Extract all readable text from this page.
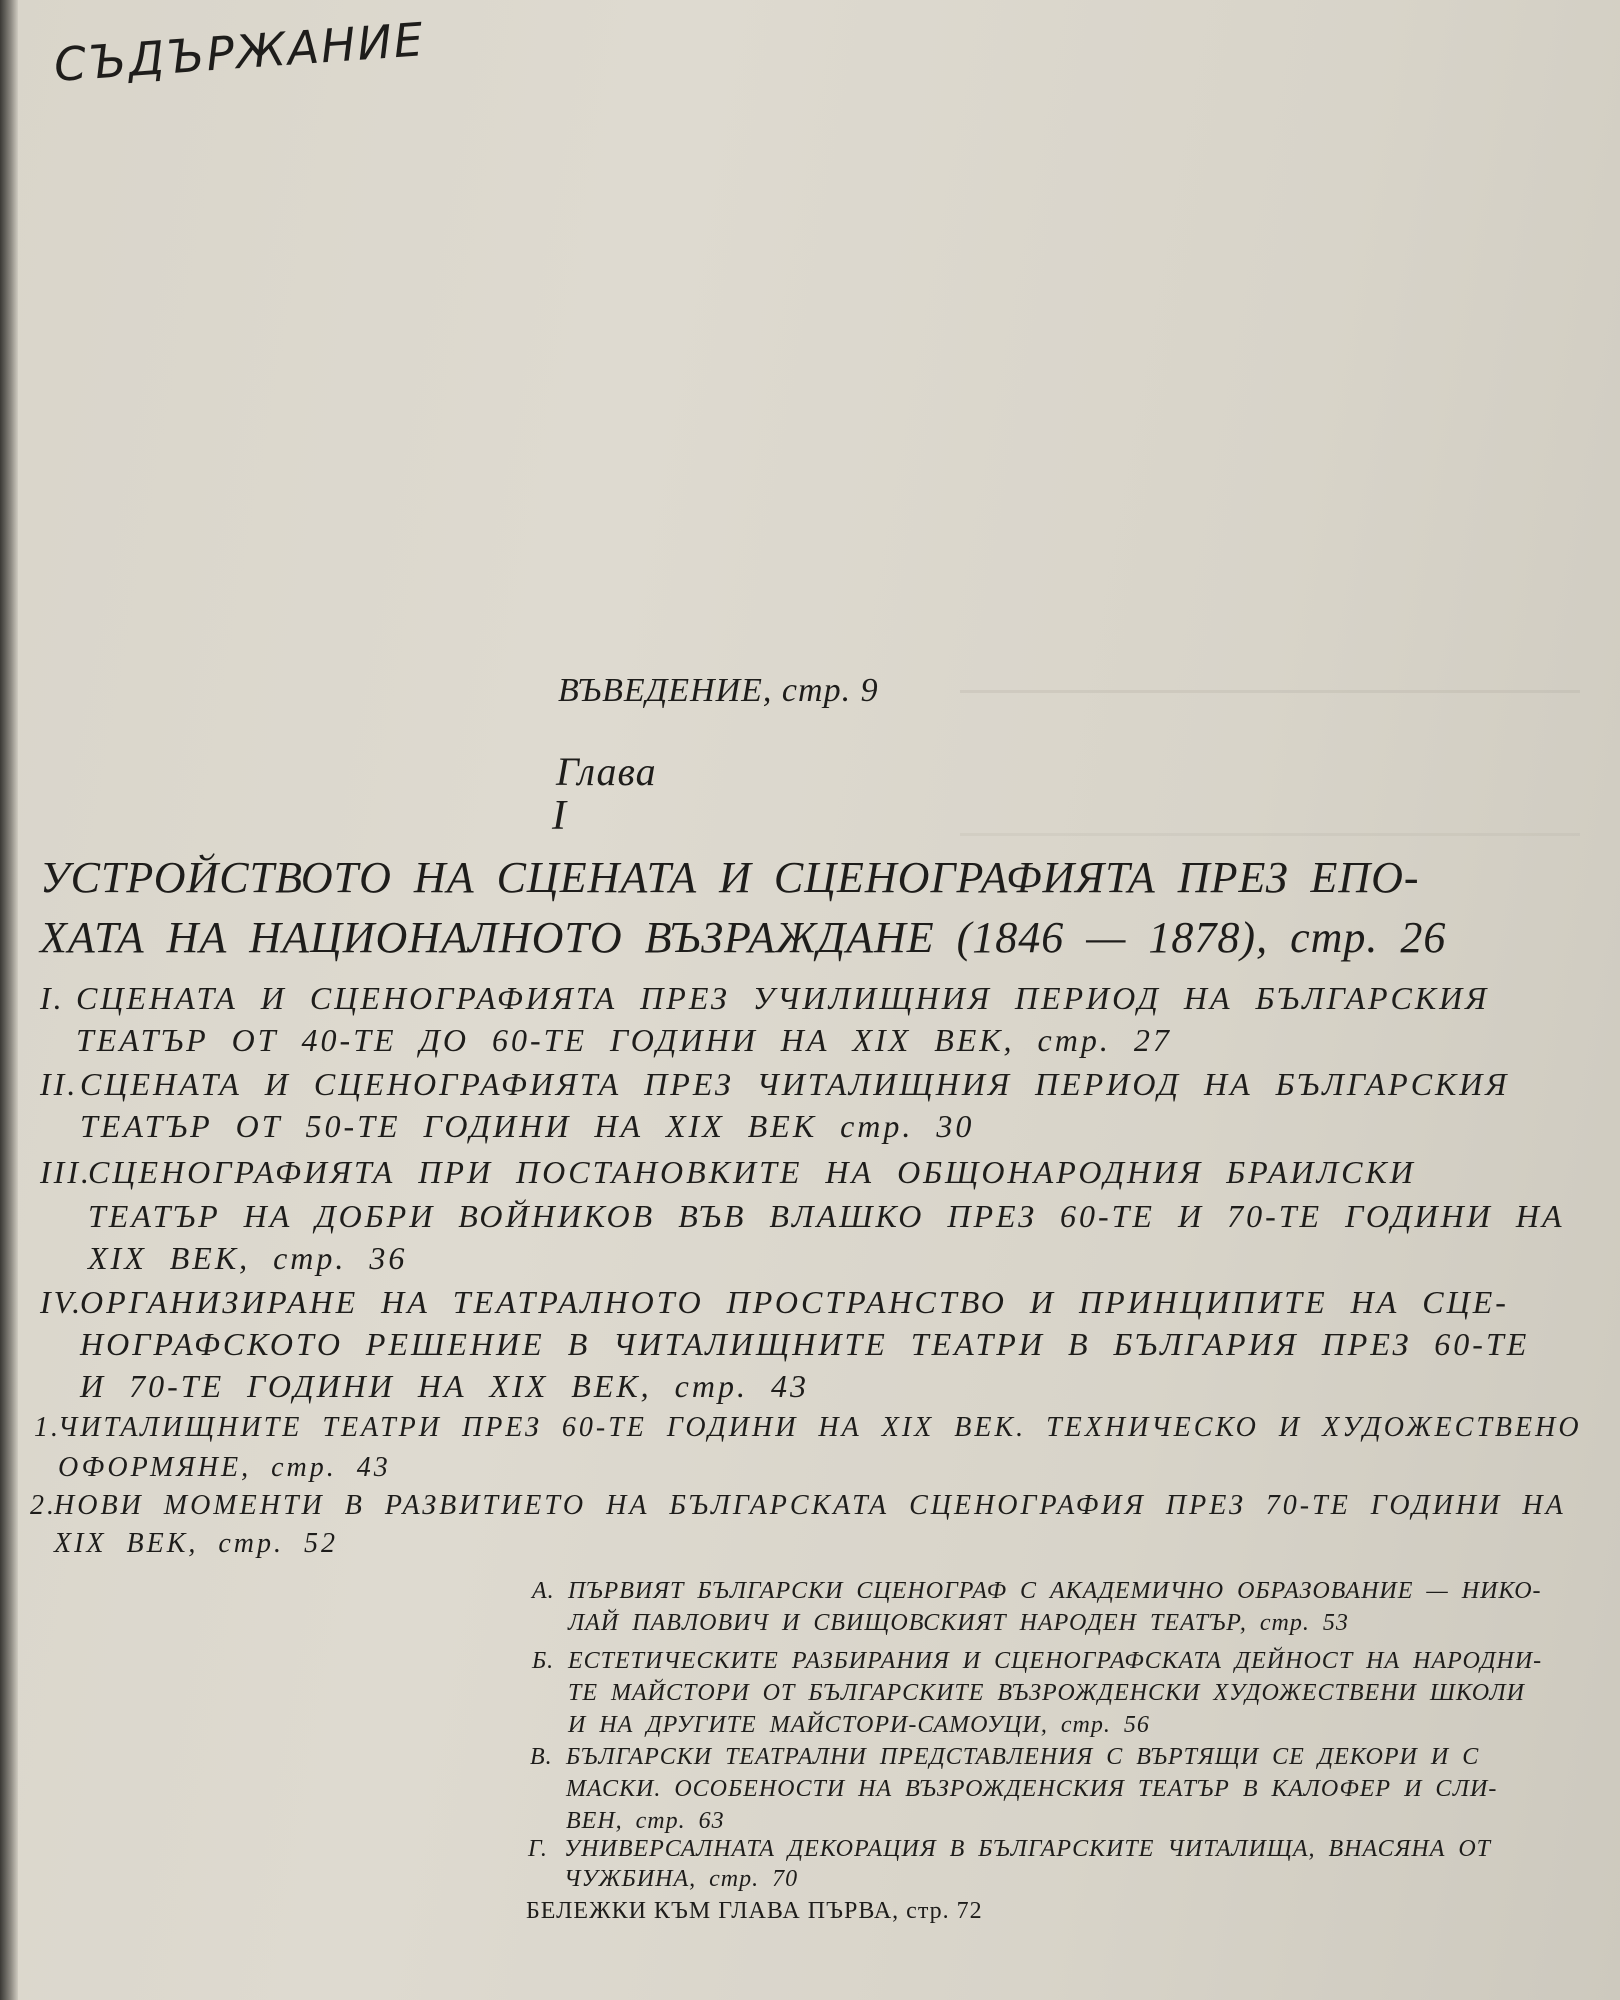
СЪДЪРЖАНИЕ
ВЪВЕДЕНИЕ, стр. 9
Глава
I
УСТРОЙСТВОТО НА СЦЕНАТА И СЦЕНОГРАФИЯТА ПРЕЗ ЕПО-
ХАТА НА НАЦИОНАЛНОТО ВЪЗРАЖДАНЕ (1846 — 1878), стр. 26
I. СЦЕНАТА И СЦЕНОГРАФИЯТА ПРЕЗ УЧИЛИЩНИЯ ПЕРИОД НА БЪЛГАРСКИЯ
ТЕАТЪР ОТ 40-ТЕ ДО 60-ТЕ ГОДИНИ НА XIX ВЕК, стр. 27
II. СЦЕНАТА И СЦЕНОГРАФИЯТА ПРЕЗ ЧИТАЛИЩНИЯ ПЕРИОД НА БЪЛГАРСКИЯ
ТЕАТЪР ОТ 50-ТЕ ГОДИНИ НА XIX ВЕК стр. 30
III.
СЦЕНОГРАФИЯТА ПРИ ПОСТАНОВКИТЕ НА ОБЩОНАРОДНИЯ БРАИЛСКИ
ТЕАТЪР НА ДОБРИ ВОЙНИКОВ ВЪВ ВЛАШКО ПРЕЗ 60-ТЕ И 70-ТЕ ГОДИНИ НА
XIX ВЕК, стр. 36
IV.
ОРГАНИЗИРАНЕ НА ТЕАТРАЛНОТО ПРОСТРАНСТВО И ПРИНЦИПИТЕ НА СЦЕ-
НОГРАФСКОТО РЕШЕНИЕ В ЧИТАЛИЩНИТЕ ТЕАТРИ В БЪЛГАРИЯ ПРЕЗ 60-ТЕ
И 70-ТЕ ГОДИНИ НА XIX ВЕК, стр. 43
1.
ЧИТАЛИЩНИТЕ ТЕАТРИ ПРЕЗ 60-ТЕ ГОДИНИ НА XIX ВЕК. ТЕХНИЧЕСКО И ХУДОЖЕСТВЕНО
ОФОРМЯНЕ, стр. 43
2.
НОВИ МОМЕНТИ В РАЗВИТИЕТО НА БЪЛГАРСКАТА СЦЕНОГРАФИЯ ПРЕЗ 70-ТЕ ГОДИНИ НА
XIX ВЕК, стр. 52
А. ПЪРВИЯТ БЪЛГАРСКИ СЦЕНОГРАФ С АКАДЕМИЧНО ОБРАЗОВАНИЕ — НИКО-
ЛАЙ ПАВЛОВИЧ И СВИЩОВСКИЯТ НАРОДЕН ТЕАТЪР, стр. 53
Б. ЕСТЕТИЧЕСКИТЕ РАЗБИРАНИЯ И СЦЕНОГРАФСКАТА ДЕЙНОСТ НА НАРОДНИ-
ТЕ МАЙСТОРИ ОТ БЪЛГАРСКИТЕ ВЪЗРОЖДЕНСКИ ХУДОЖЕСТВЕНИ ШКОЛИ
И НА ДРУГИТЕ МАЙСТОРИ-САМОУЦИ, стр. 56
В. БЪЛГАРСКИ ТЕАТРАЛНИ ПРЕДСТАВЛЕНИЯ С ВЪРТЯЩИ СЕ ДЕКОРИ И С
МАСКИ. ОСОБЕНОСТИ НА ВЪЗРОЖДЕНСКИЯ ТЕАТЪР В КАЛОФЕР И СЛИ-
ВЕН, стр. 63
Г. УНИВЕРСАЛНАТА ДЕКОРАЦИЯ В БЪЛГАРСКИТЕ ЧИТАЛИЩА, ВНАСЯНА ОТ
ЧУЖБИНА, стр. 70
БЕЛЕЖКИ КЪМ ГЛАВА ПЪРВА, стр. 72
